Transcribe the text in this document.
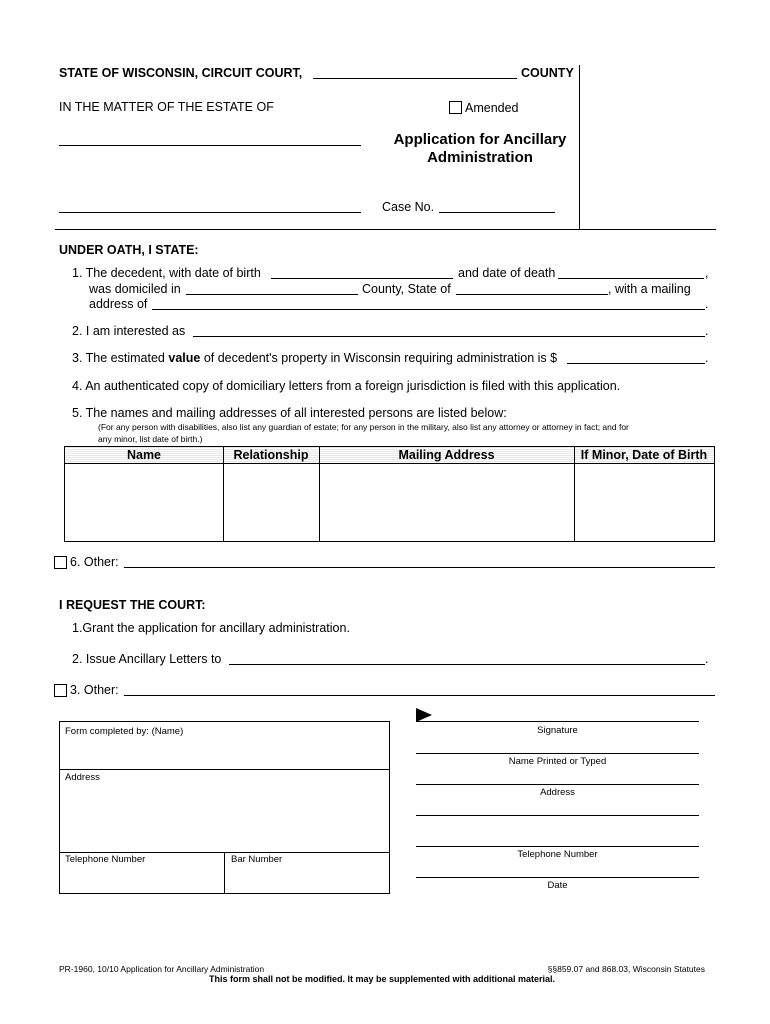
STATE OF WISCONSIN, CIRCUIT COURT,	COUNTY
IN THE MATTER OF THE ESTATE OF	Amended
Application for Ancillary
Administration
Case No.
UNDER OATH, I STATE:
1. The decedent, with date of birth	and date of death	,
was domiciled in	County, State of	, with a mailing
address of	.
2. I am interested as	.
3. The estimated value of decedent's property in Wisconsin requiring administration is $	.
4. An authenticated copy of domiciliary letters from a foreign jurisdiction is filed with this application.
5. The names and mailing addresses of all interested persons are listed below:
(For any person with disabilities, also list any guardian of estate; for any person in the military, also list any attorney or attorney in fact; and for
any minor, list date of birth.)
Name	Relationship	Mailing Address	If Minor, Date of Birth
6. Other:
I REQUEST THE COURT:
1.Grant the application for ancillary administration.
2. Issue Ancillary Letters to	.
3. Other:
Form completed by: (Name)
Address
Telephone Number	Bar Number
Signature
Name Printed or Typed
Address
Telephone Number
Date
PR-1960, 10/10 Application for Ancillary Administration	§§859.07 and 868.03, Wisconsin Statutes
This form shall not be modified. It may be supplemented with additional material.
